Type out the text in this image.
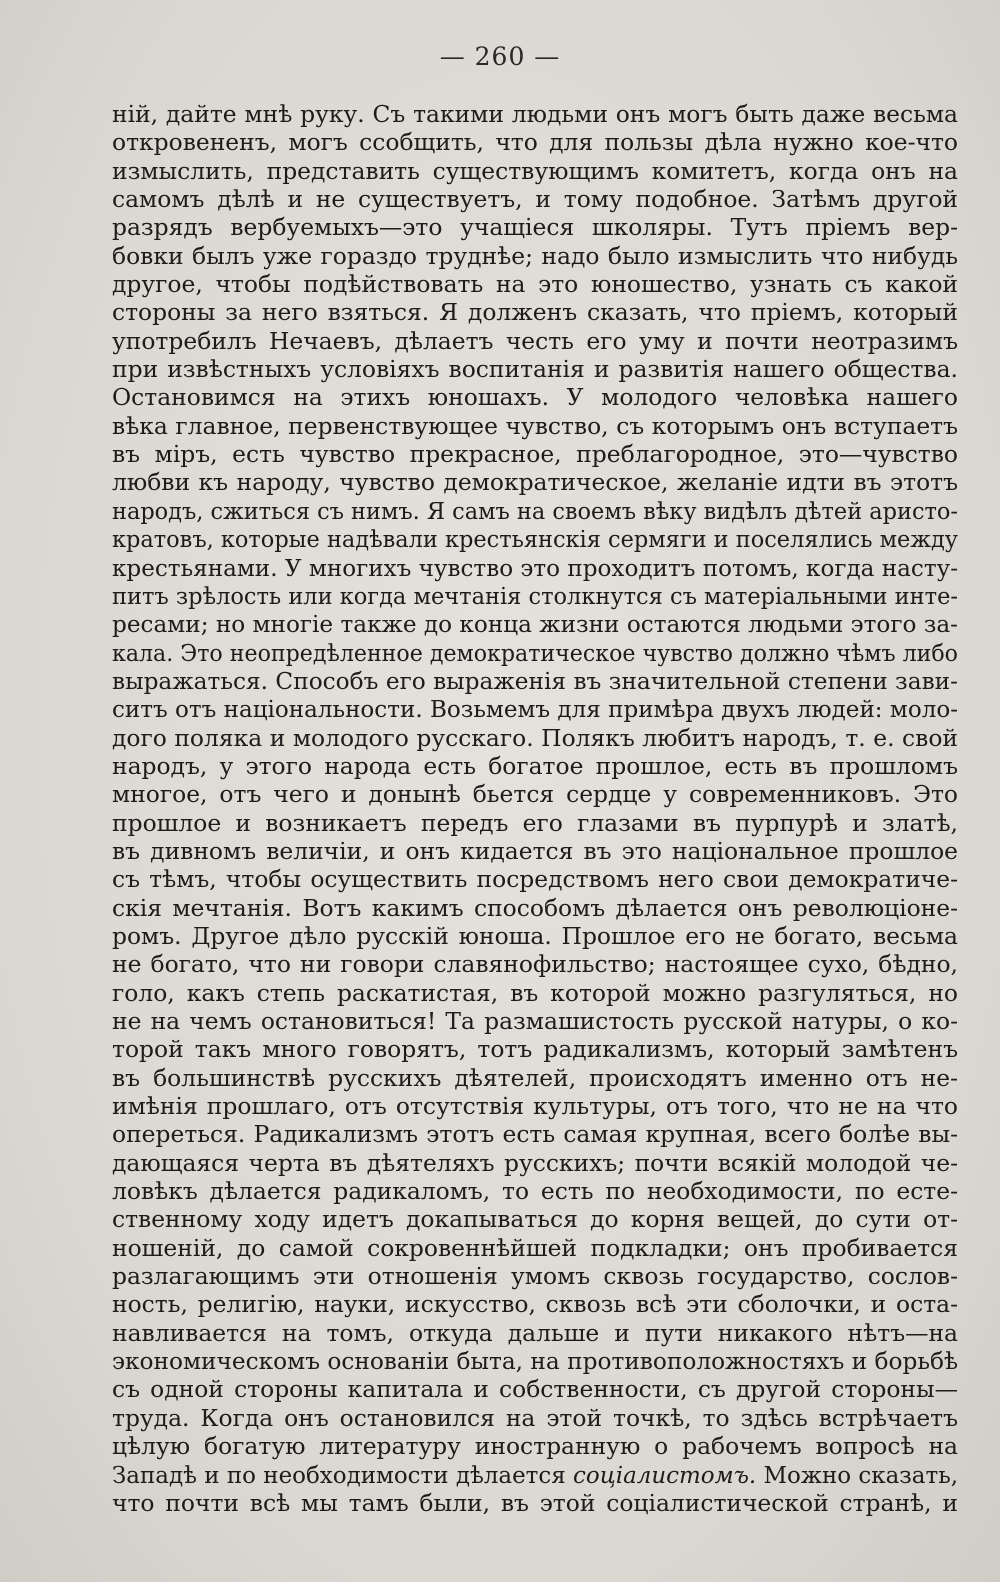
— 260 —
ній, дайте мнѣ руку. Съ такими людьми онъ могъ быть даже весьма
откровененъ, могъ ссобщить, что для пользы дѣла нужно кое-что
измыслить, представить существующимъ комитетъ, когда онъ на
самомъ дѣлѣ и не существуетъ, и тому подобное. Затѣмъ другой
разрядъ вербуемыхъ—это учащіеся школяры. Тутъ пріемъ вер-
бовки былъ уже гораздо труднѣе; надо было измыслить что нибудь
другое, чтобы подѣйствовать на это юношество, узнать съ какой
стороны за него взяться. Я долженъ сказать, что пріемъ, который
употребилъ Нечаевъ, дѣлаетъ честь его уму и почти неотразимъ
при извѣстныхъ условіяхъ воспитанія и развитія нашего общества.
Остановимся на этихъ юношахъ. У молодого человѣка нашего
вѣка главное, первенствующее чувство, съ которымъ онъ вступаетъ
въ міръ, есть чувство прекрасное, преблагородное, это—чувство
любви къ народу, чувство демократическое, желаніе идти въ этотъ
народъ, сжиться съ нимъ. Я самъ на своемъ вѣку видѣлъ дѣтей аристо-
кратовъ, которые надѣвали крестьянскія сермяги и поселялись между
крестьянами. У многихъ чувство это проходитъ потомъ, когда насту-
питъ зрѣлость или когда мечтанія столкнутся съ матеріальными инте-
ресами; но многіе также до конца жизни остаются людьми этого за-
кала. Это неопредѣленное демократическое чувство должно чѣмъ либо
выражаться. Способъ его выраженія въ значительной степени зави-
ситъ отъ національности. Возьмемъ для примѣра двухъ людей: моло-
дого поляка и молодого русскаго. Полякъ любитъ народъ, т. е. свой
народъ, у этого народа есть богатое прошлое, есть въ прошломъ
многое, отъ чего и донынѣ бьется сердце у современниковъ. Это
прошлое и возникаетъ передъ его глазами въ пурпурѣ и златѣ,
въ дивномъ величіи, и онъ кидается въ это національное прошлое
съ тѣмъ, чтобы осуществить посредствомъ него свои демократиче-
скія мечтанія. Вотъ какимъ способомъ дѣлается онъ революціоне-
ромъ. Другое дѣло русскій юноша. Прошлое его не богато, весьма
не богато, что ни говори славянофильство; настоящее сухо, бѣдно,
голо, какъ степь раскатистая, въ которой можно разгуляться, но
не на чемъ остановиться! Та размашистость русской натуры, о ко-
торой такъ много говорятъ, тотъ радикализмъ, который замѣтенъ
въ большинствѣ русскихъ дѣятелей, происходятъ именно отъ не-
имѣнія прошлаго, отъ отсутствія культуры, отъ того, что не на что
опереться. Радикализмъ этотъ есть самая крупная, всего болѣе вы-
дающаяся черта въ дѣятеляхъ русскихъ; почти всякій молодой че-
ловѣкъ дѣлается радикаломъ, то есть по необходимости, по есте-
ственному ходу идетъ докапываться до корня вещей, до сути от-
ношеній, до самой сокровеннѣйшей подкладки; онъ пробивается
разлагающимъ эти отношенія умомъ сквозь государство, сослов-
ность, религію, науки, искусство, сквозь всѣ эти сболочки, и оста-
навливается на томъ, откуда дальше и пути никакого нѣтъ—на
экономическомъ основаніи быта, на противоположностяхъ и борьбѣ
съ одной стороны капитала и собственности, съ другой стороны—
труда. Когда онъ остановился на этой точкѣ, то здѣсь встрѣчаетъ
цѣлую богатую литературу иностранную о рабочемъ вопросѣ на
Западѣ и по необходимости дѣлается соціалистомъ. Можно сказать,
что почти всѣ мы тамъ были, въ этой соціалистической странѣ, и
